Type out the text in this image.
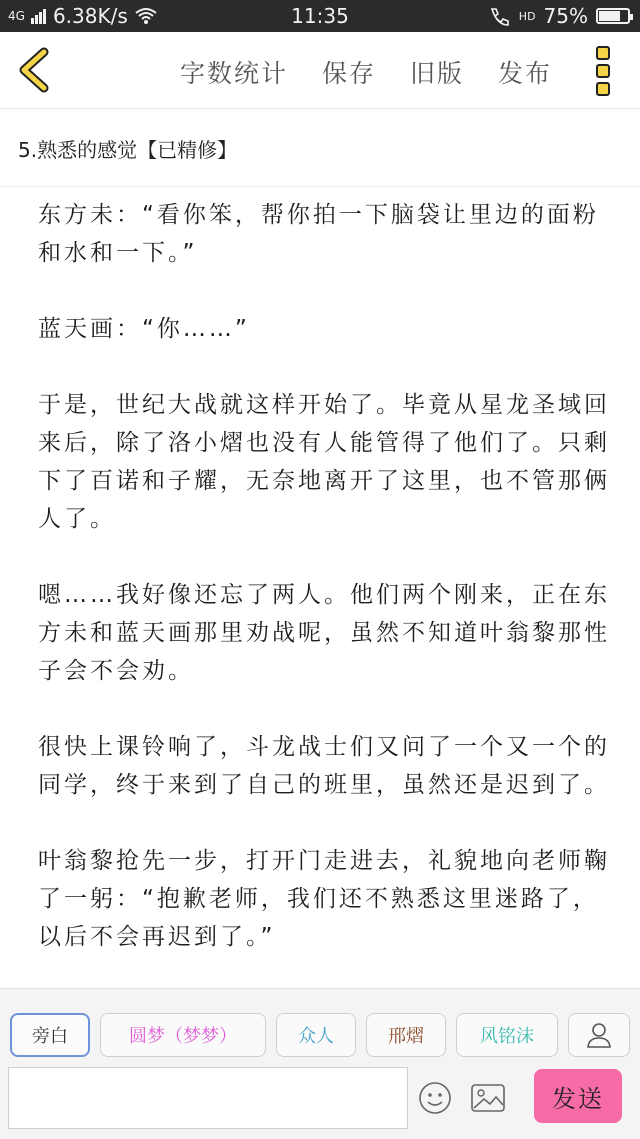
4G 6.38K/s	11:35	HD 75%
字数统计 保存 旧版 发布
5.熟悉的感觉【已精修】

东方未：“看你笨，帮你拍一下脑袋让里边的面粉和水和一下。”

蓝天画：“你……”

于是，世纪大战就这样开始了。毕竟从星龙圣域回来后，除了洛小熠也没有人能管得了他们了。只剩下了百诺和子耀，无奈地离开了这里，也不管那俩人了。

嗯……我好像还忘了两人。他们两个刚来，正在东方未和蓝天画那里劝战呢，虽然不知道叶翁黎那性子会不会劝。

很快上课铃响了，斗龙战士们又问了一个又一个的同学，终于来到了自己的班里，虽然还是迟到了。

叶翁黎抢先一步，打开门走进去，礼貌地向老师鞠了一躬：“抱歉老师，我们还不熟悉这里迷路了，以后不会再迟到了。”

旁白	圆梦（梦梦）	众人	邢熠	风铭沫
发送
